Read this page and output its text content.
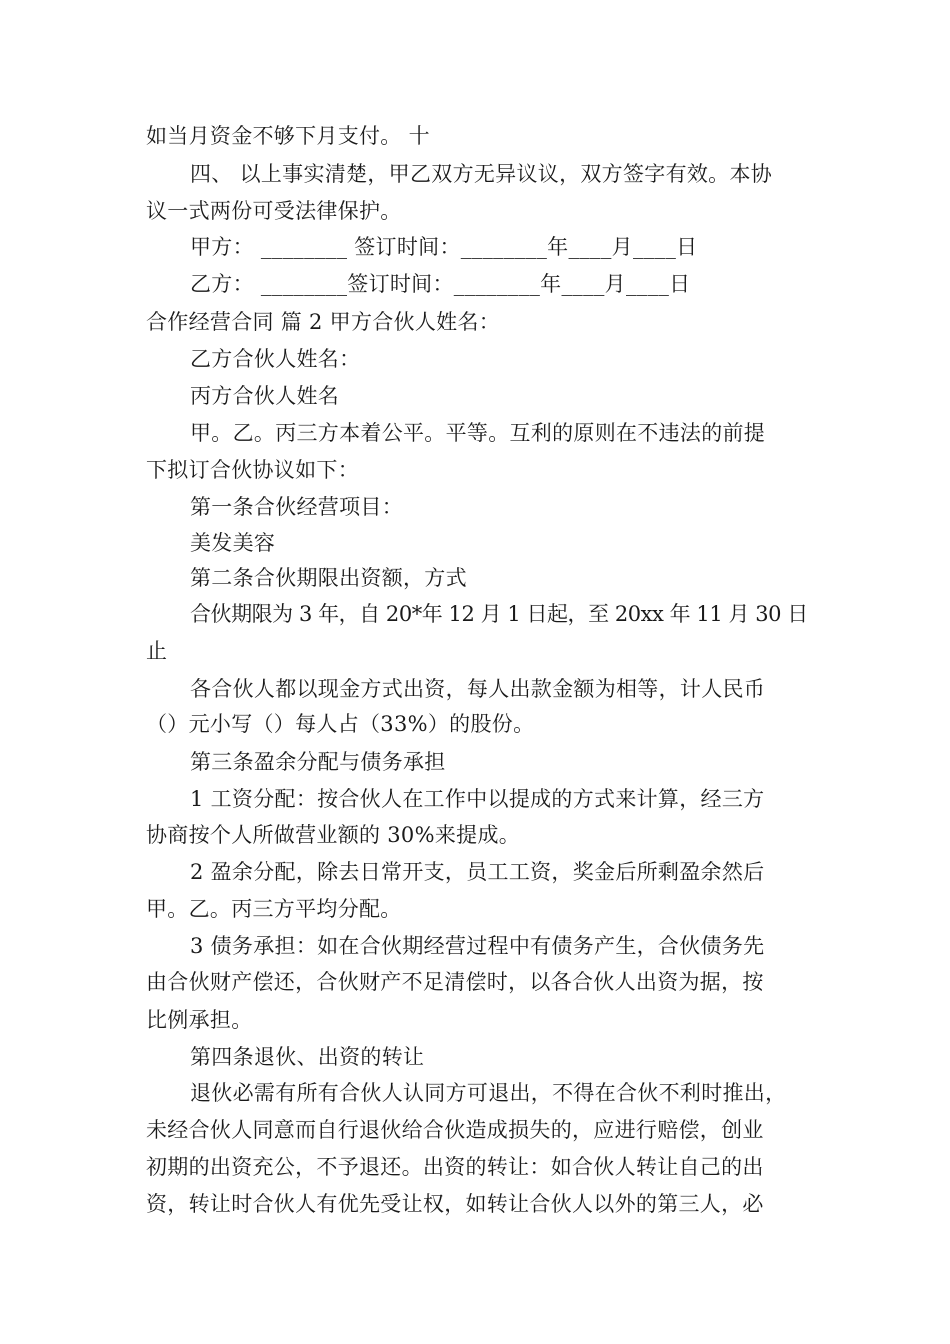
如当月资金不够下月支付。 十
四、 以上事实清楚，甲乙双方无异议议，双方签字有效。本协
议一式两份可受法律保护。
甲方： ________ 签订时间：________年____月____日
乙方： ________签订时间：________年____月____日
合作经营合同 篇 2 甲方合伙人姓名：
乙方合伙人姓名：
丙方合伙人姓名
甲。乙。丙三方本着公平。平等。互利的原则在不违法的前提
下拟订合伙协议如下：
第一条合伙经营项目：
美发美容
第二条合伙期限出资额，方式
合伙期限为 3 年，自 20*年 12 月 1 日起，至 20xx 年 11 月 30 日
止
各合伙人都以现金方式出资，每人出款金额为相等，计人民币
（）元小写（）每人占（33%）的股份。
第三条盈余分配与债务承担
1 工资分配：按合伙人在工作中以提成的方式来计算，经三方
协商按个人所做营业额的 30%来提成。
2 盈余分配，除去日常开支，员工工资，奖金后所剩盈余然后
甲。乙。丙三方平均分配。
3 债务承担：如在合伙期经营过程中有债务产生，合伙债务先
由合伙财产偿还，合伙财产不足清偿时，以各合伙人出资为据，按
比例承担。
第四条退伙、出资的转让
退伙必需有所有合伙人认同方可退出，不得在合伙不利时推出，
未经合伙人同意而自行退伙给合伙造成损失的，应进行赔偿，创业
初期的出资充公，不予退还。出资的转让：如合伙人转让自己的出
资，转让时合伙人有优先受让权，如转让合伙人以外的第三人，必
